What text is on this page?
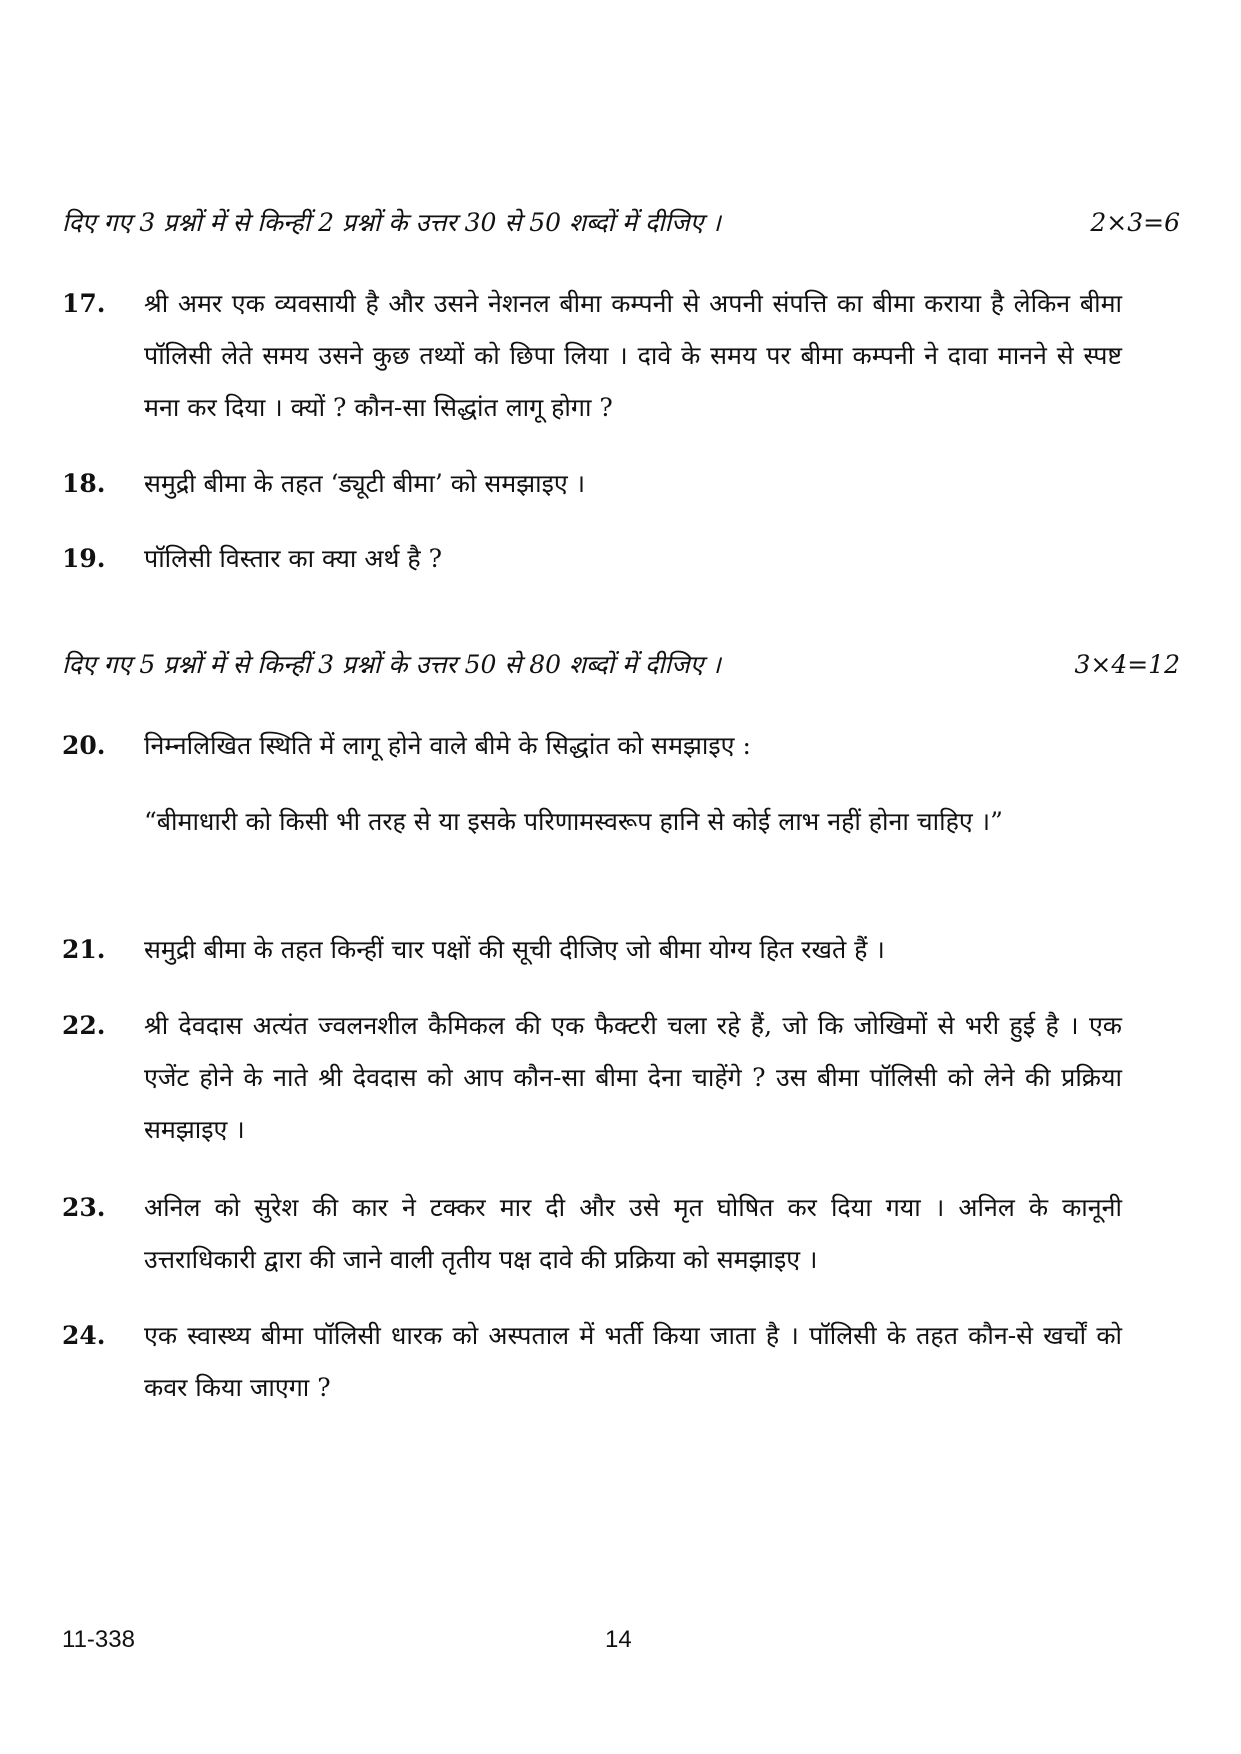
दिए गए 3 प्रश्नों में से किन्हीं 2 प्रश्नों के उत्तर 30 से 50 शब्दों में दीजिए ।	2×3=6
17. श्री अमर एक व्यवसायी है और उसने नेशनल बीमा कम्पनी से अपनी संपत्ति का बीमा कराया है लेकिन बीमा पॉलिसी लेते समय उसने कुछ तथ्यों को छिपा लिया । दावे के समय पर बीमा कम्पनी ने दावा मानने से स्पष्ट मना कर दिया । क्यों ? कौन-सा सिद्धांत लागू होगा ?
18. समुद्री बीमा के तहत ‘ड्यूटी बीमा’ को समझाइए ।
19. पॉलिसी विस्तार का क्या अर्थ है ?
दिए गए 5 प्रश्नों में से किन्हीं 3 प्रश्नों के उत्तर 50 से 80 शब्दों में दीजिए ।	3×4=12
20. निम्नलिखित स्थिति में लागू होने वाले बीमे के सिद्धांत को समझाइए :
“बीमाधारी को किसी भी तरह से या इसके परिणामस्वरूप हानि से कोई लाभ नहीं होना चाहिए ।”
21. समुद्री बीमा के तहत किन्हीं चार पक्षों की सूची दीजिए जो बीमा योग्य हित रखते हैं ।
22. श्री देवदास अत्यंत ज्वलनशील कैमिकल की एक फैक्टरी चला रहे हैं, जो कि जोखिमों से भरी हुई है । एक एजेंट होने के नाते श्री देवदास को आप कौन-सा बीमा देना चाहेंगे ? उस बीमा पॉलिसी को लेने की प्रक्रिया समझाइए ।
23. अनिल को सुरेश की कार ने टक्कर मार दी और उसे मृत घोषित कर दिया गया । अनिल के कानूनी उत्तराधिकारी द्वारा की जाने वाली तृतीय पक्ष दावे की प्रक्रिया को समझाइए ।
24. एक स्वास्थ्य बीमा पॉलिसी धारक को अस्पताल में भर्ती किया जाता है । पॉलिसी के तहत कौन-से खर्चों को कवर किया जाएगा ?
11-338	14
